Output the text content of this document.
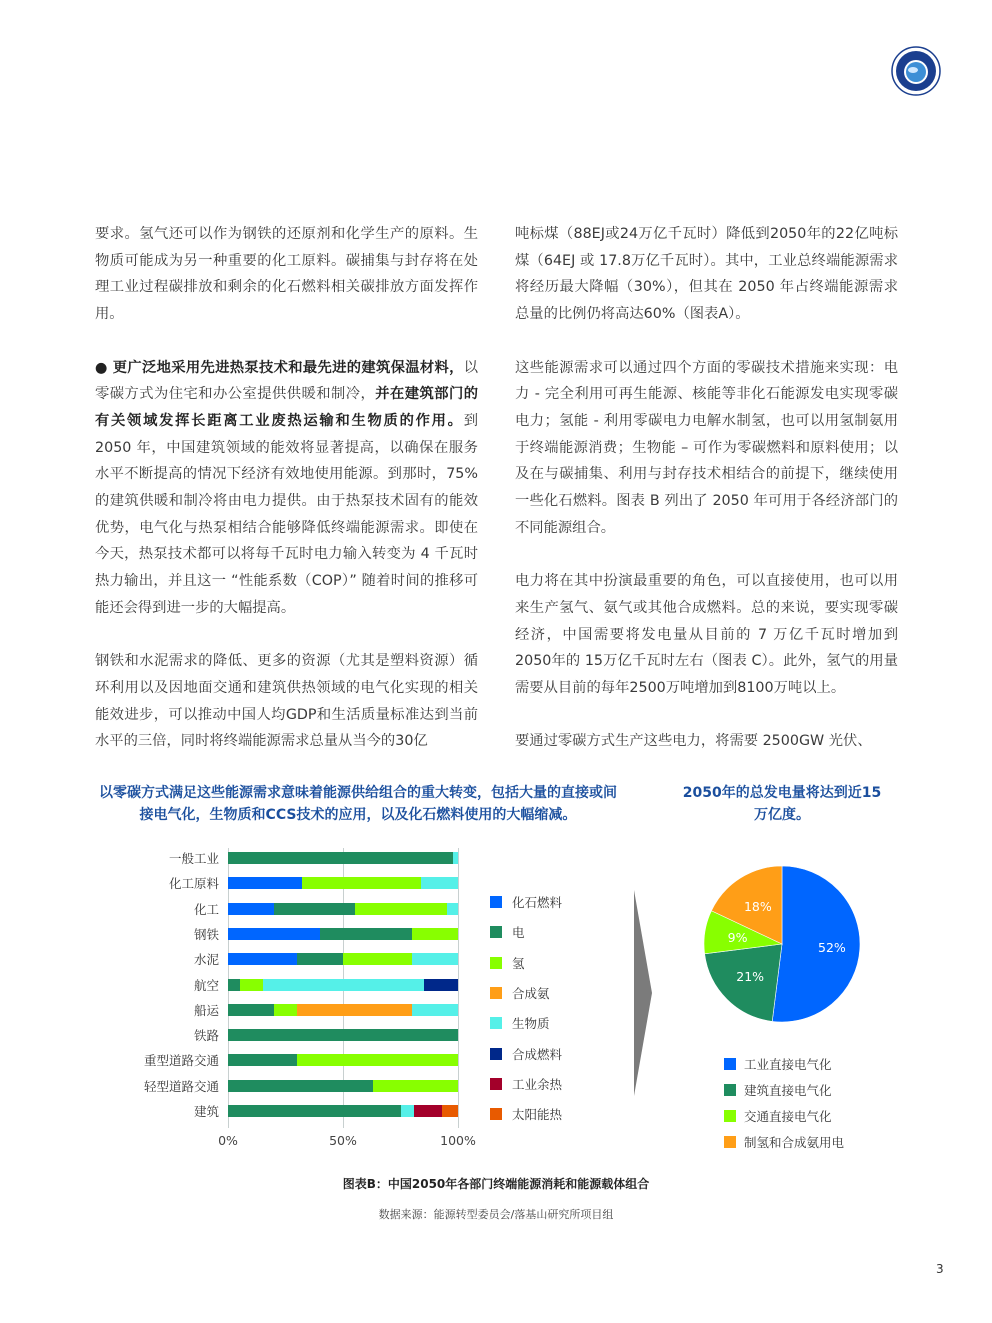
要求。氢气还可以作为钢铁的还原剂和化学生产的原料。生物质可能成为另一种重要的化工原料。碳捕集与封存将在处理工业过程碳排放和剩余的化石燃料相关碳排放方面发挥作用。

● 更广泛地采用先进热泵技术和最先进的建筑保温材料，以零碳方式为住宅和办公室提供供暖和制冷，并在建筑部门的有关领域发挥长距离工业废热运输和生物质的作用。到 2050 年，中国建筑领域的能效将显著提高，以确保在服务水平不断提高的情况下经济有效地使用能源。到那时，75% 的建筑供暖和制冷将由电力提供。由于热泵技术固有的能效优势，电气化与热泵相结合能够降低终端能源需求。即使在今天，热泵技术都可以将每千瓦时电力输入转变为 4 千瓦时热力输出，并且这一 “性能系数（COP）” 随着时间的推移可能还会得到进一步的大幅提高。

钢铁和水泥需求的降低、更多的资源（尤其是塑料资源）循环利用以及因地面交通和建筑供热领域的电气化实现的相关能效进步，可以推动中国人均GDP和生活质量标准达到当前水平的三倍，同时将终端能源需求总量从当今的30亿

吨标煤（88EJ或24万亿千瓦时）降低到2050年的22亿吨标煤（64EJ 或 17.8万亿千瓦时）。其中，工业总终端能源需求将经历最大降幅（30%），但其在 2050 年占终端能源需求总量的比例仍将高达60%（图表A）。

这些能源需求可以通过四个方面的零碳技术措施来实现：电力 - 完全利用可再生能源、核能等非化石能源发电实现零碳电力；氢能 - 利用零碳电力电解水制氢，也可以用氢制氨用于终端能源消费；生物能 – 可作为零碳燃料和原料使用；以及在与碳捕集、利用与封存技术相结合的前提下，继续使用一些化石燃料。图表 B 列出了 2050 年可用于各经济部门的不同能源组合。

电力将在其中扮演最重要的角色，可以直接使用，也可以用来生产氢气、氨气或其他合成燃料。总的来说，要实现零碳经济，中国需要将发电量从目前的 7 万亿千瓦时增加到 2050年的 15万亿千瓦时左右（图表 C）。此外，氢气的用量需要从目前的每年2500万吨增加到8100万吨以上。

要通过零碳方式生产这些电力，将需要 2500GW 光伏、

以零碳方式满足这些能源需求意味着能源供给组合的重大转变，包括大量的直接或间接电气化，生物质和CCS技术的应用，以及化石燃料使用的大幅缩减。
2050年的总发电量将达到近15万亿度。
0%	50%	100%
一般工业
化工原料
化工
钢铁
水泥
航空
船运
铁路
重型道路交通
轻型道路交通
建筑
化石燃料
电
氢
合成氨
生物质
合成燃料
工业余热
太阳能热
52%
21%
9%
18%
工业直接电气化
建筑直接电气化
交通直接电气化
制氢和合成氨用电
图表B：中国2050年各部门终端能源消耗和能源载体组合
数据来源：能源转型委员会/落基山研究所项目组
3
